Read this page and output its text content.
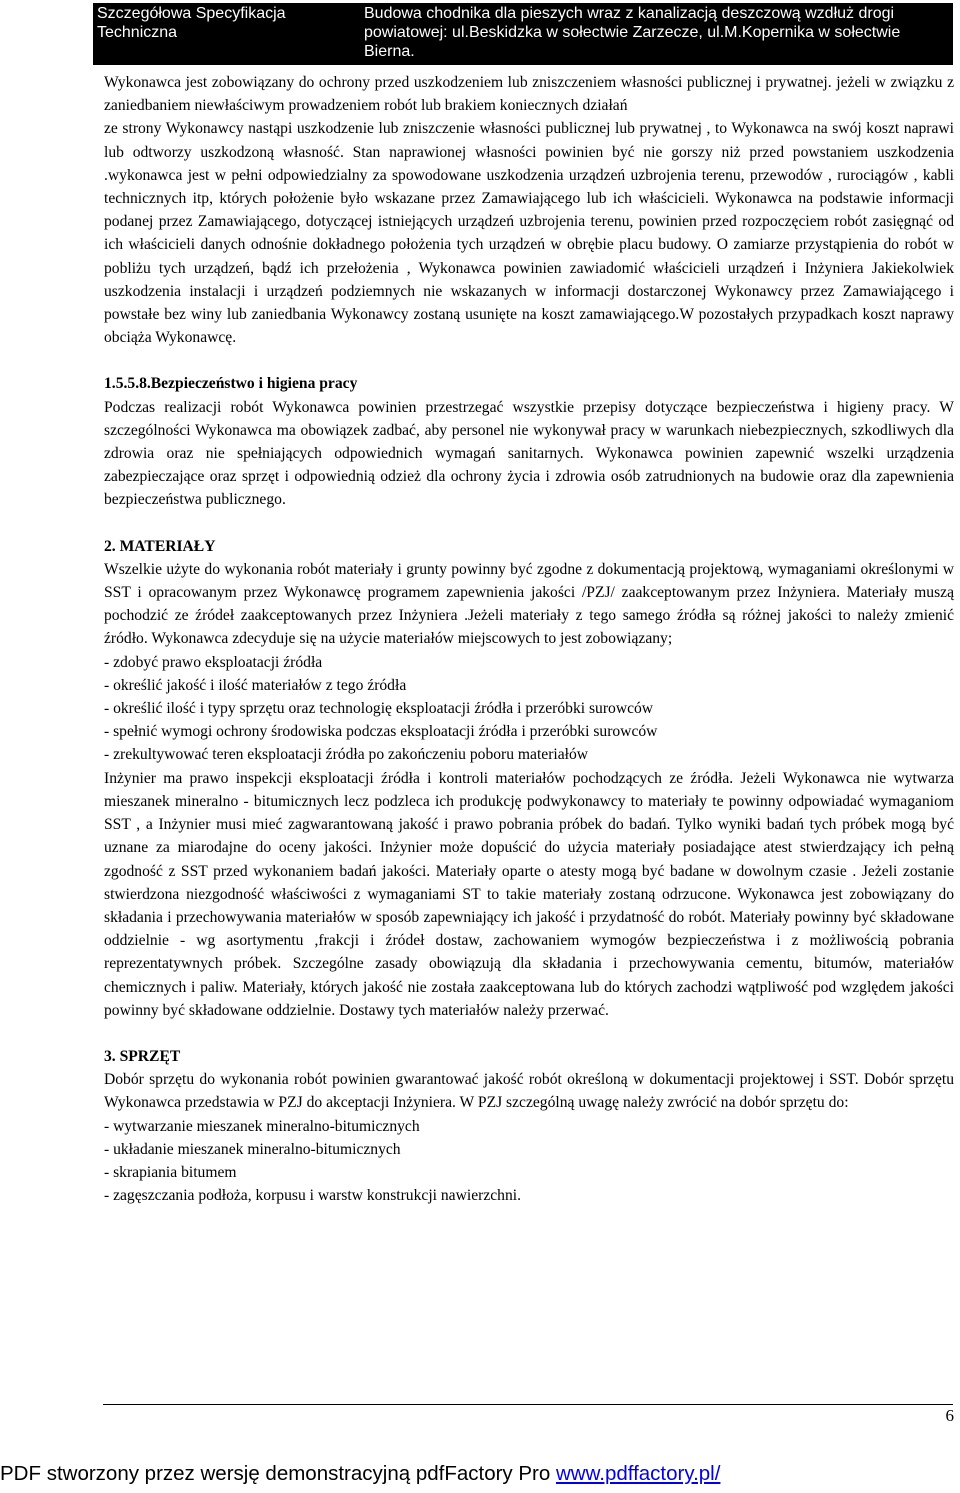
Szczegółowa Specyfikacja Techniczna
Budowa chodnika dla pieszych wraz z kanalizacją deszczową wzdłuż drogi powiatowej: ul.Beskidzka w sołectwie Zarzecze, ul.M.Kopernika w sołectwie Bierna.

Wykonawca jest zobowiązany do ochrony przed uszkodzeniem lub zniszczeniem własności publicznej i prywatnej. jeżeli w związku z zaniedbaniem niewłaściwym prowadzeniem robót lub brakiem koniecznych działań

ze strony Wykonawcy nastąpi uszkodzenie lub zniszczenie własności publicznej lub prywatnej , to Wykonawca na swój koszt naprawi lub odtworzy uszkodzoną własność. Stan naprawionej własności powinien być nie gorszy niż przed powstaniem uszkodzenia .wykonawca jest w pełni odpowiedzialny za spowodowane uszkodzenia urządzeń uzbrojenia terenu, przewodów , rurociągów , kabli technicznych itp, których położenie było wskazane przez Zamawiającego lub ich właścicieli. Wykonawca na podstawie informacji podanej przez Zamawiającego, dotyczącej istniejących urządzeń uzbrojenia terenu, powinien przed rozpoczęciem robót zasięgnąć od ich właścicieli danych odnośnie dokładnego położenia tych urządzeń w obrębie placu budowy. O zamiarze przystąpienia do robót w pobliżu tych urządzeń, bądź ich przełożenia , Wykonawca powinien zawiadomić właścicieli urządzeń i Inżyniera Jakiekolwiek uszkodzenia instalacji i urządzeń podziemnych nie wskazanych w informacji dostarczonej Wykonawcy przez Zamawiającego i powstałe bez winy lub zaniedbania Wykonawcy zostaną usunięte na koszt zamawiającego.W pozostałych przypadkach koszt naprawy obciąża Wykonawcę.

1.5.5.8.Bezpieczeństwo i higiena pracy

Podczas realizacji robót Wykonawca powinien przestrzegać wszystkie przepisy dotyczące bezpieczeństwa i higieny pracy. W szczególności Wykonawca ma obowiązek zadbać, aby personel nie wykonywał pracy w warunkach niebezpiecznych, szkodliwych dla zdrowia oraz nie spełniających odpowiednich wymagań sanitarnych. Wykonawca powinien zapewnić wszelki urządzenia zabezpieczające oraz sprzęt i odpowiednią odzież dla ochrony życia i zdrowia osób zatrudnionych na budowie oraz dla zapewnienia bezpieczeństwa publicznego.

2. MATERIAŁY

Wszelkie użyte do wykonania robót materiały i grunty powinny być zgodne z dokumentacją projektową, wymaganiami określonymi w SST i opracowanym przez Wykonawcę programem zapewnienia jakości /PZJ/ zaakceptowanym przez Inżyniera. Materiały muszą pochodzić ze źródeł zaakceptowanych przez Inżyniera .Jeżeli materiały z tego samego źródła są różnej jakości to należy zmienić źródło. Wykonawca zdecyduje się na użycie materiałów miejscowych to jest zobowiązany;

- zdobyć prawo eksploatacji źródła

- określić jakość i ilość materiałów z tego źródła

- określić ilość i typy sprzętu oraz technologię eksploatacji źródła i przeróbki surowców

- spełnić wymogi ochrony środowiska podczas eksploatacji źródła i przeróbki surowców

- zrekultywować teren eksploatacji źródła po zakończeniu poboru materiałów

Inżynier ma prawo inspekcji eksploatacji źródła i kontroli materiałów pochodzących ze źródła. Jeżeli Wykonawca nie wytwarza mieszanek mineralno - bitumicznych lecz podzleca ich produkcję podwykonawcy to materiały te powinny odpowiadać wymaganiom SST , a Inżynier musi mieć zagwarantowaną jakość i prawo pobrania próbek do badań. Tylko wyniki badań tych próbek mogą być uznane za miarodajne do oceny jakości. Inżynier może dopuścić do użycia materiały posiadające atest stwierdzający ich pełną zgodność z SST przed wykonaniem badań jakości. Materiały oparte o atesty mogą być badane w dowolnym czasie . Jeżeli zostanie stwierdzona niezgodność właściwości z wymaganiami ST to takie materiały zostaną odrzucone. Wykonawca jest zobowiązany do składania i przechowywania materiałów w sposób zapewniający ich jakość i przydatność do robót. Materiały powinny być składowane oddzielnie - wg asortymentu ,frakcji i źródeł dostaw, zachowaniem wymogów bezpieczeństwa i z możliwością pobrania reprezentatywnych próbek. Szczególne zasady obowiązują dla składania i przechowywania cementu, bitumów, materiałów chemicznych i paliw. Materiały, których jakość nie została zaakceptowana lub do których zachodzi wątpliwość pod względem jakości powinny być składowane oddzielnie. Dostawy tych materiałów należy przerwać.

3. SPRZĘT

Dobór sprzętu do wykonania robót powinien gwarantować jakość robót określoną w dokumentacji projektowej i SST. Dobór sprzętu Wykonawca przedstawia w PZJ do akceptacji Inżyniera. W PZJ szczególną uwagę należy zwrócić na dobór sprzętu do:

- wytwarzanie mieszanek mineralno-bitumicznych

- układanie mieszanek mineralno-bitumicznych

- skrapiania bitumem

- zagęszczania podłoża, korpusu i warstw konstrukcji nawierzchni.

6
PDF stworzony przez wersję demonstracyjną pdfFactory Pro www.pdffactory.pl/
